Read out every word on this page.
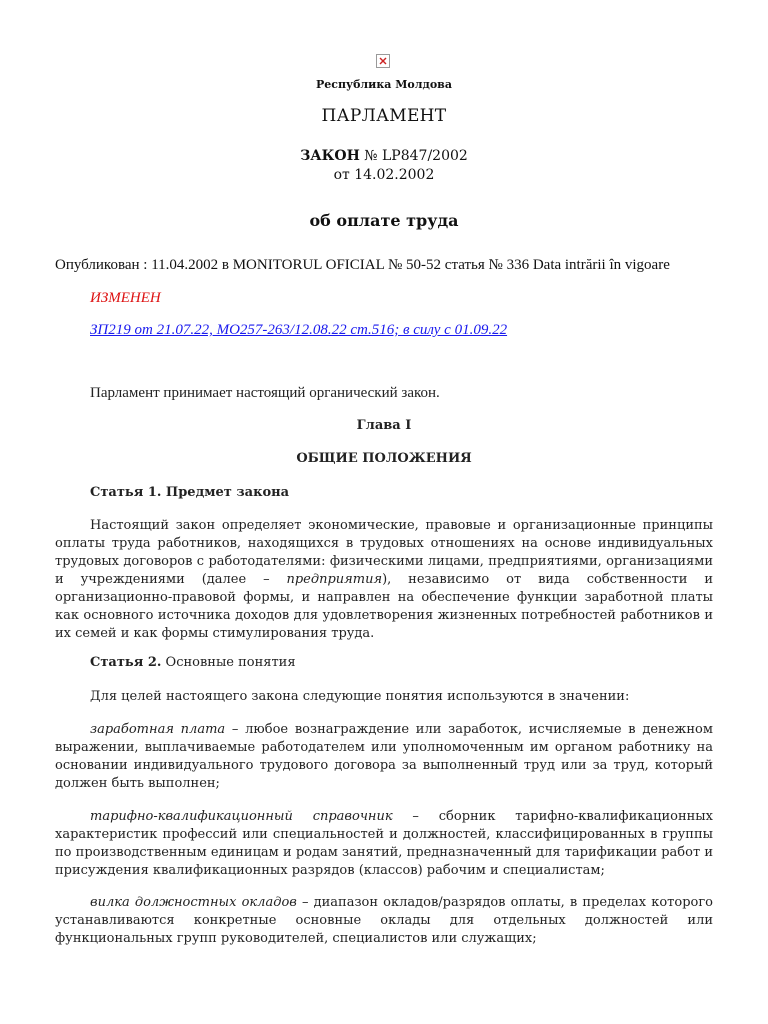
Республика Молдова
ПАРЛАМЕНТ
ЗАКОН № LP847/2002
от 14.02.2002
об оплате труда
Опубликован : 11.04.2002 в MONITORUL OFICIAL № 50-52 статья № 336 Data intrării în vigoare
ИЗМЕНЕН
ЗП219 от 21.07.22, MO257-263/12.08.22 ст.516; в силу с 01.09.22
Парламент принимает настоящий органический закон.
Глава I
ОБЩИЕ ПОЛОЖЕНИЯ
Статья 1. Предмет закона
Настоящий закон определяет экономические, правовые и организационные принципы оплаты труда работников, находящихся в трудовых отношениях на основе индивидуальных трудовых договоров с работодателями: физическими лицами, предприятиями, организациями и учреждениями (далее – предприятия), независимо от вида собственности и организационно-правовой формы, и направлен на обеспечение функции заработной платы как основного источника доходов для удовлетворения жизненных потребностей работников и их семей и как формы стимулирования труда.
Статья 2. Основные понятия
Для целей настоящего закона следующие понятия используются в значении:
заработная плата – любое вознаграждение или заработок, исчисляемые в денежном выражении, выплачиваемые работодателем или уполномоченным им органом работнику на основании индивидуального трудового договора за выполненный труд или за труд, который должен быть выполнен;
тарифно-квалификационный справочник – сборник тарифно-квалификационных характеристик профессий или специальностей и должностей, классифицированных в группы по производственным единицам и родам занятий, предназначенный для тарификации работ и присуждения квалификационных разрядов (классов) рабочим и специалистам;
вилка должностных окладов – диапазон окладов/разрядов оплаты, в пределах которого устанавливаются конкретные основные оклады для отдельных должностей или функциональных групп руководителей, специалистов или служащих;
